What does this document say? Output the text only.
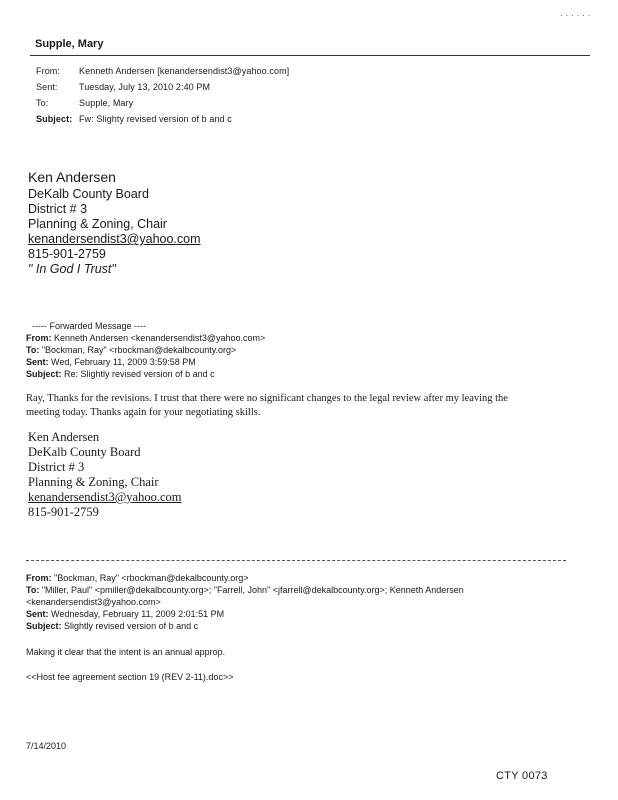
· · · · · ·
Supple, Mary
From: Kenneth Andersen [kenandersendist3@yahoo.com]
Sent: Tuesday, July 13, 2010 2:40 PM
To:	Supple, Mary
Subject: Fw: Slighty revised version of b and c
Ken Andersen
DeKalb County Board
District # 3
Planning & Zoning, Chair
kenandersendist3@yahoo.com
815-901-2759
" In God I Trust"
----- Forwarded Message ----
From: Kenneth Andersen <kenandersendist3@yahoo.com>
To: "Bockman, Ray" <rbockman@dekalbcounty.org>
Sent: Wed, February 11, 2009 3:59:58 PM
Subject: Re: Slightly revised version of b and c
Ray, Thanks for the revisions. I trust that there were no significant changes to the legal review after my leaving the
meeting today. Thanks again for your negotiating skills.
Ken Andersen
DeKalb County Board
District # 3
Planning & Zoning, Chair
kenandersendist3@yahoo.com
815-901-2759
From: "Bockman, Ray" <rbockman@dekalbcounty.org>
To: "Miller, Paul" <pmiller@dekalbcounty.org>; "Farrell, John" <jfarrell@dekalbcounty.org>; Kenneth Andersen
<kenandersendist3@yahoo.com>
Sent: Wednesday, February 11, 2009 2:01:51 PM
Subject: Slightly revised version of b and c
Making it clear that the intent is an annual approp.
<<Host fee agreement section 19 (REV 2-11).doc>>
7/14/2010
CTY 0073
